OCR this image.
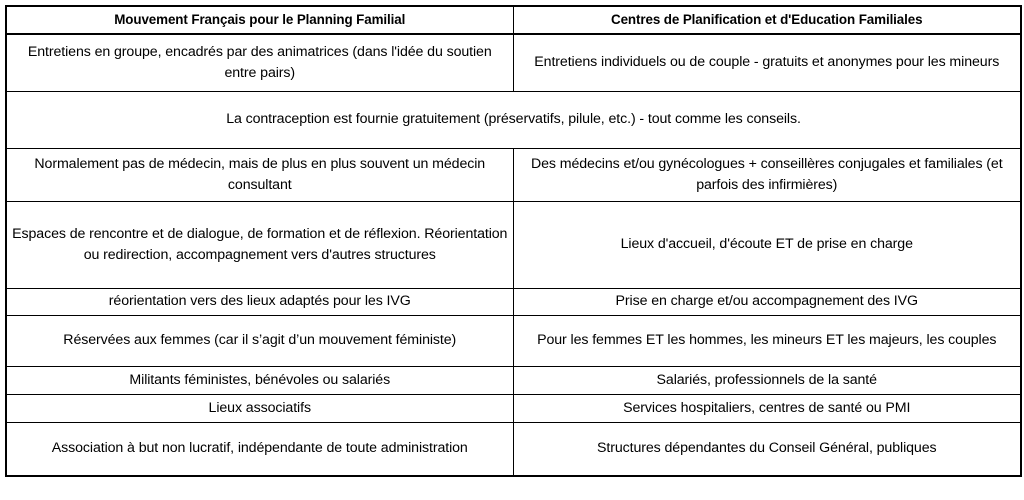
Mouvement Français pour le Planning Familial	Centres de Planification et d'Education Familiales
Entretiens en groupe, encadrés par des animatrices (dans l'idée du soutien entre pairs)	Entretiens individuels ou de couple - gratuits et anonymes pour les mineurs
La contraception est fournie gratuitement (préservatifs, pilule, etc.) - tout comme les conseils.	
Normalement pas de médecin, mais de plus en plus souvent un médecin consultant	Des médecins et/ou gynécologues + conseillères conjugales et familiales (et parfois des infirmières)
Espaces de rencontre et de dialogue, de formation et de réflexion. Réorientation ou redirection, accompagnement vers d'autres structures	Lieux d'accueil, d'écoute ET de prise en charge
réorientation vers des lieux adaptés pour les IVG	Prise en charge et/ou accompagnement des IVG
Réservées aux femmes (car il s’agit d’un mouvement féministe)	Pour les femmes ET les hommes, les mineurs ET les majeurs, les couples
Militants féministes, bénévoles ou salariés	Salariés, professionnels de la santé
Lieux associatifs	Services hospitaliers, centres de santé ou PMI
Association à but non lucratif, indépendante de toute administration	Structures dépendantes du Conseil Général, publiques
